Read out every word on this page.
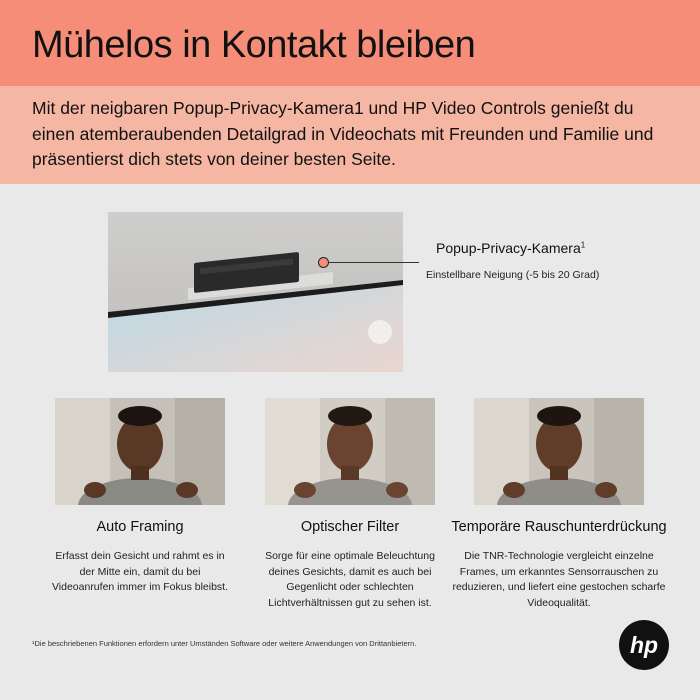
Mühelos in Kontakt bleiben

Mit der neigbaren Popup-Privacy-Kamera1 und HP Video Controls genießt du einen atemberaubenden Detailgrad in Videochats mit Freunden und Familie und präsentierst dich stets von deiner besten Seite.

Popup-Privacy-Kamera$^1$
Einstellbare Neigung (-5 bis 20 Grad)
Auto Framing
Erfasst dein Gesicht und rahmt es in der Mitte ein, damit du bei Videoanrufen immer im Fokus bleibst.
Optischer Filter
Sorge für eine optimale Beleuchtung deines Gesichts, damit es auch bei Gegenlicht oder schlechten Lichtverhältnissen gut zu sehen ist.
Temporäre Rauschunterdrückung
Die TNR-Technologie vergleicht einzelne Frames, um erkanntes Sensorrauschen zu reduzieren, und liefert eine gestochen scharfe Videoqualität.
¹Die beschriebenen Funktionen erfordern unter Umständen Software oder weitere Anwendungen von Drittanbietern.	hp
